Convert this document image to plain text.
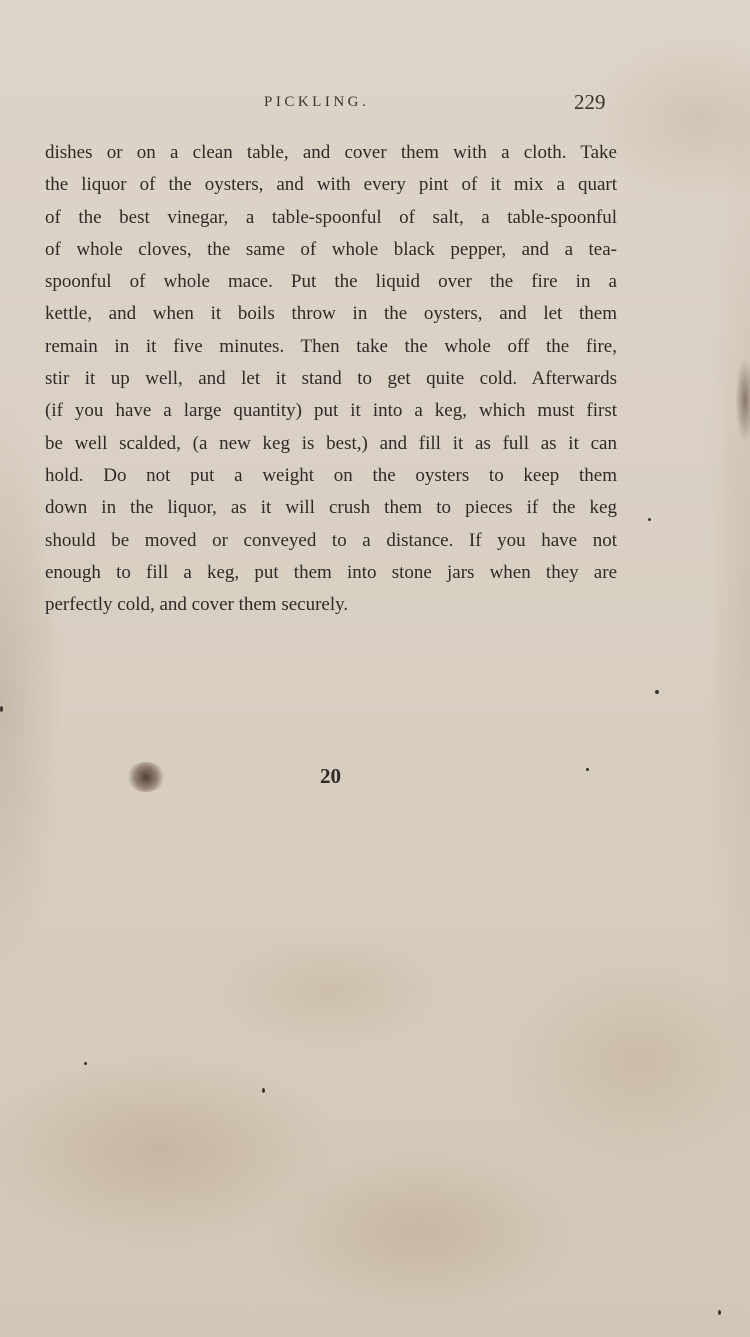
PICKLING.	229
dishes or on a clean table, and cover them with a cloth. Take
the liquor of the oysters, and with every pint of it mix a quart
of the best vinegar, a table-spoonful of salt, a table-spoonful
of whole cloves, the same of whole black pepper, and a tea-
spoonful of whole mace. Put the liquid over the fire in a
kettle, and when it boils throw in the oysters, and let them
remain in it five minutes. Then take the whole off the fire,
stir it up well, and let it stand to get quite cold. Afterwards
(if you have a large quantity) put it into a keg, which must first
be well scalded, (a new keg is best,) and fill it as full as it can
hold. Do not put a weight on the oysters to keep them
down in the liquor, as it will crush them to pieces if the keg
should be moved or conveyed to a distance. If you have not
enough to fill a keg, put them into stone jars when they are
perfectly cold, and cover them securely.
20
